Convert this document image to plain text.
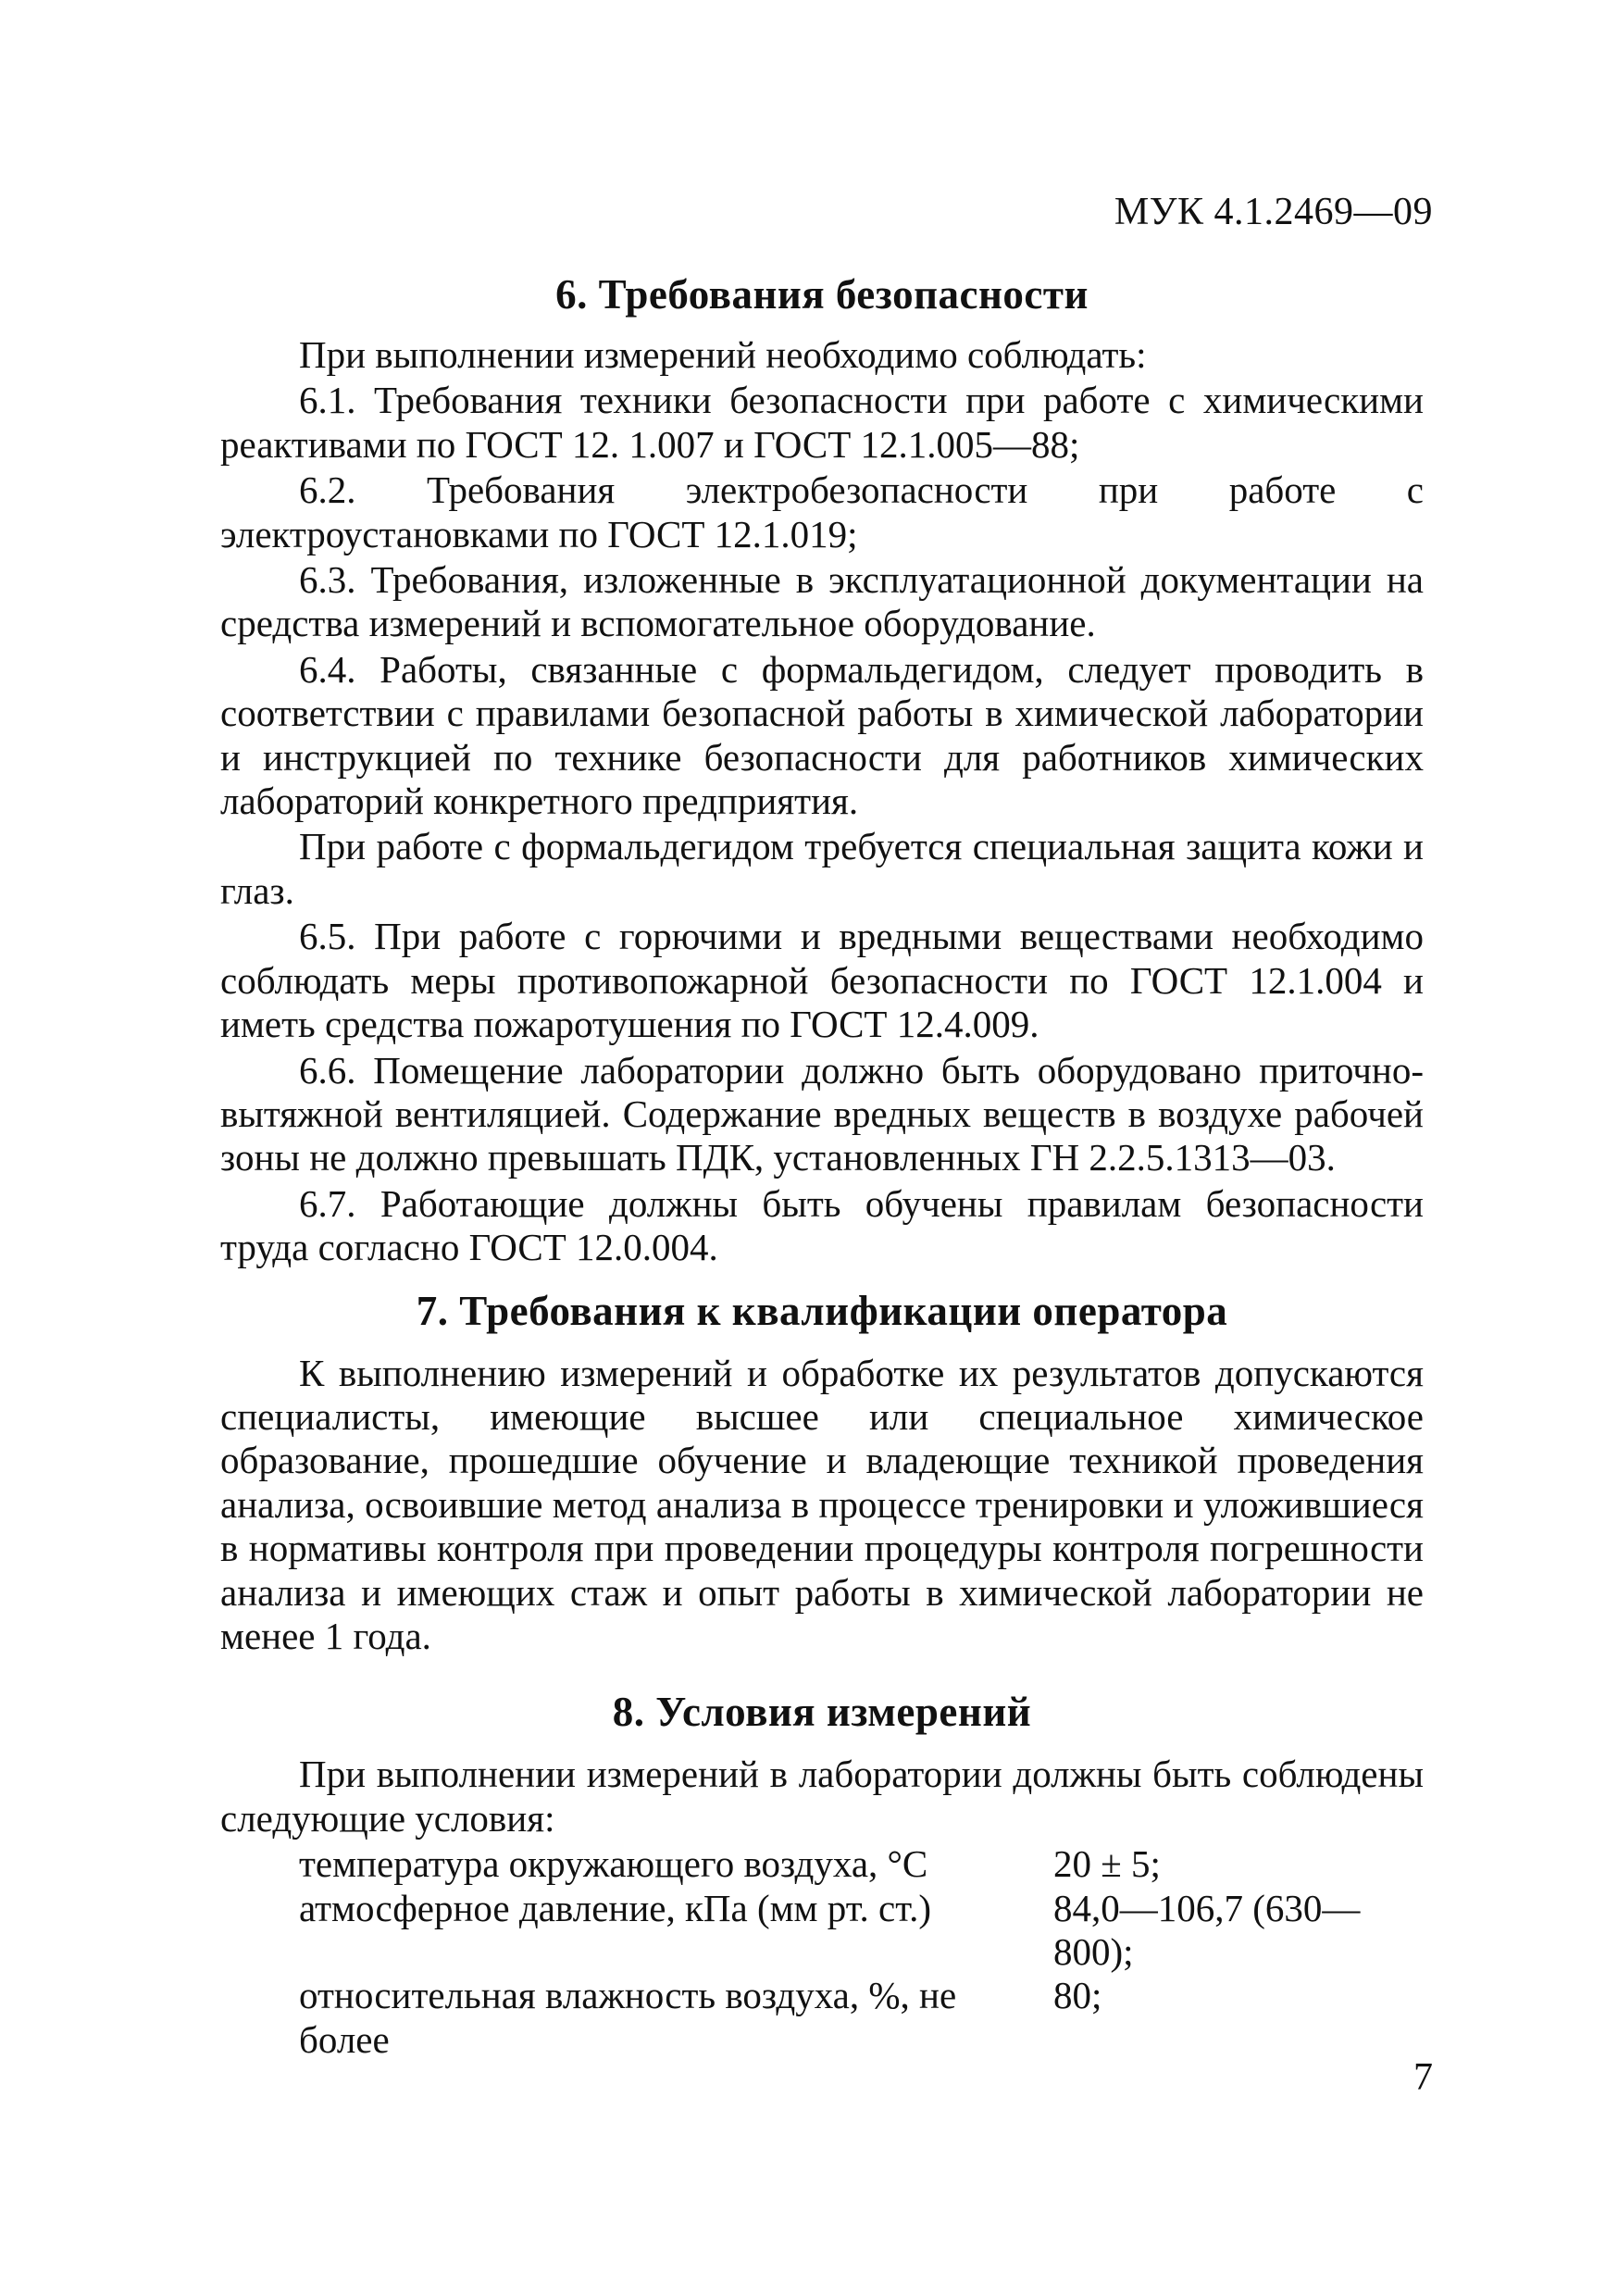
МУК 4.1.2469—09
6. Требования безопасности

При выполнении измерений необходимо соблюдать:

6.1. Требования техники безопасности при работе с химическими реактивами по ГОСТ 12. 1.007 и ГОСТ 12.1.005—88;

6.2. Требования электробезопасности при работе с электроустановками по ГОСТ 12.1.019;

6.3. Требования, изложенные в эксплуатационной документации на средства измерений и вспомогательное оборудование.

6.4. Работы, связанные с формальдегидом, следует проводить в соответствии с правилами безопасной работы в химической лаборатории и инструкцией по технике безопасности для работников химических лабораторий конкретного предприятия.

При работе с формальдегидом требуется специальная защита кожи и глаз.

6.5. При работе с горючими и вредными веществами необходимо соблюдать меры противопожарной безопасности по ГОСТ 12.1.004 и иметь средства пожаротушения по ГОСТ 12.4.009.

6.6. Помещение лаборатории должно быть оборудовано приточно-вытяжной вентиляцией. Содержание вредных веществ в воздухе рабочей зоны не должно превышать ПДК, установленных ГН 2.2.5.1313—03.

6.7. Работающие должны быть обучены правилам безопасности труда согласно ГОСТ 12.0.004.

7. Требования к квалификации оператора

К выполнению измерений и обработке их результатов допускаются специалисты, имеющие высшее или специальное химическое образование, прошедшие обучение и владеющие техникой проведения анализа, освоившие метод анализа в процессе тренировки и уложившиеся в нормативы контроля при проведении процедуры контроля погрешности анализа и имеющих стаж и опыт работы в химической лаборатории не менее 1 года.

8. Условия измерений

При выполнении измерений в лаборатории должны быть соблюдены следующие условия:

температура окружающего воздуха, °С	20 ± 5;
атмосферное давление, кПа (мм рт. ст.)	84,0—106,7 (630—800);
относительная влажность воздуха, %, не более	80;
7
